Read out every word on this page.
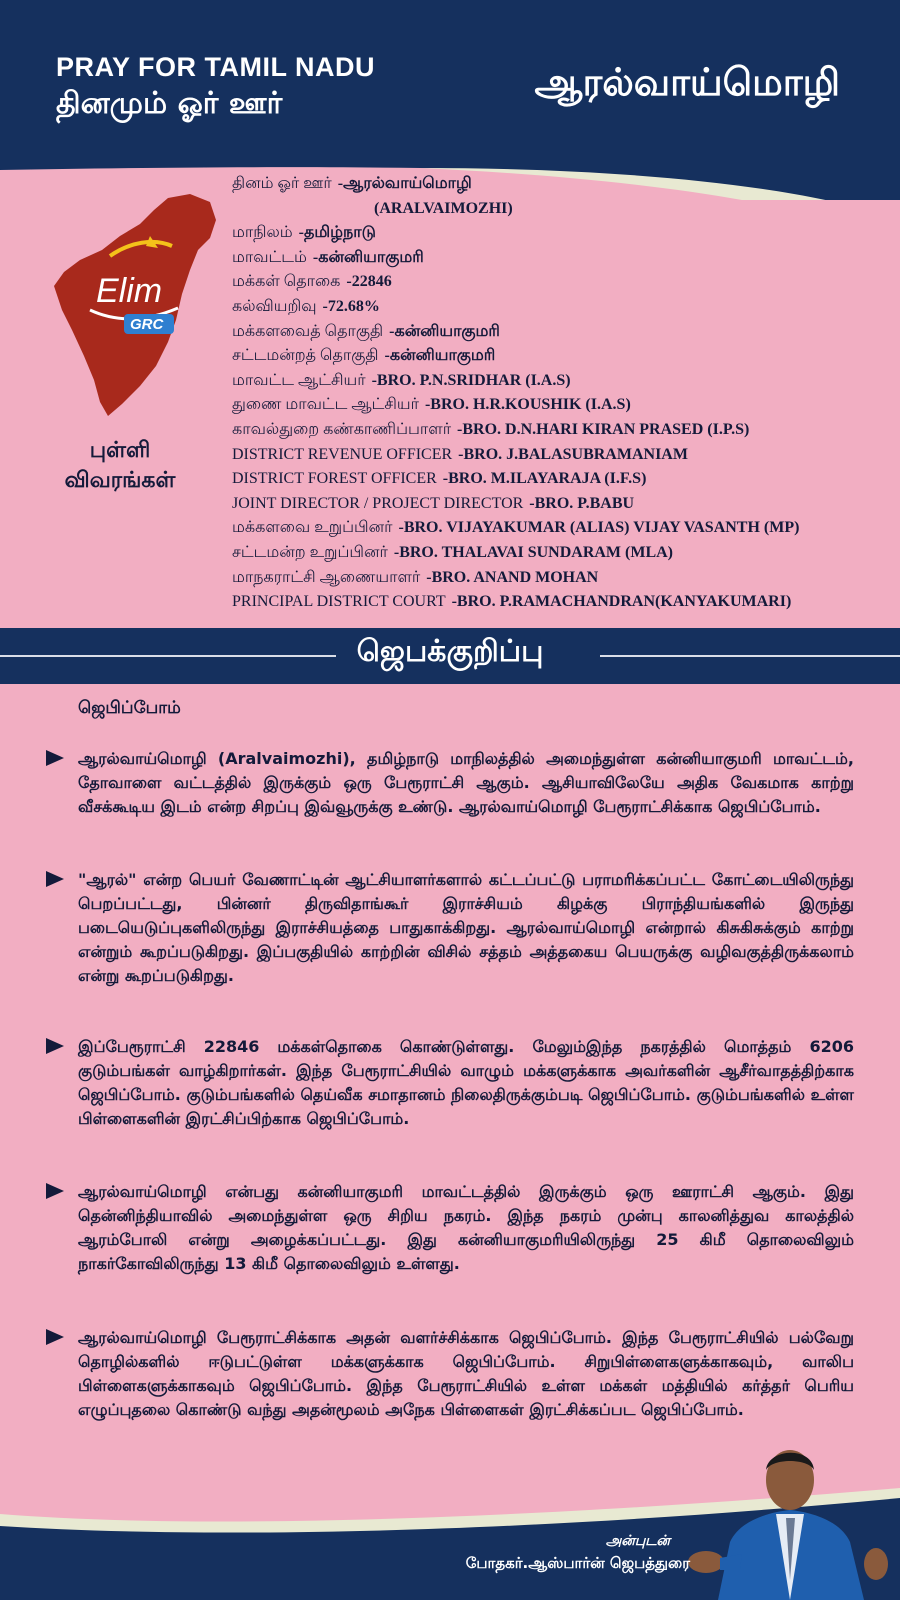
PRAY FOR TAMIL NADU
தினமும் ஓர் ஊர்	ஆரல்வாய்மொழி
Elim
GRC
புள்ளி
விவரங்கள்
தினம் ஓர் ஊர் -ஆரல்வாய்மொழி
(ARALVAIMOZHI)
மாநிலம் -தமிழ்நாடு
மாவட்டம் -கன்னியாகுமரி
மக்கள் தொகை -22846
கல்வியறிவு -72.68%
மக்களவைத் தொகுதி -கன்னியாகுமரி
சட்டமன்றத் தொகுதி -கன்னியாகுமரி
மாவட்ட ஆட்சியர் -BRO. P.N.SRIDHAR (I.A.S)
துணை மாவட்ட ஆட்சியர் -BRO. H.R.KOUSHIK (I.A.S)
காவல்துறை கண்காணிப்பாளர் -BRO. D.N.HARI KIRAN PRASED (I.P.S)
DISTRICT REVENUE OFFICER -BRO. J.BALASUBRAMANIAM
DISTRICT FOREST OFFICER -BRO. M.ILAYARAJA (I.F.S)
JOINT DIRECTOR / PROJECT DIRECTOR -BRO. P.BABU
மக்களவை உறுப்பினர் -BRO. VIJAYAKUMAR (ALIAS) VIJAY VASANTH (MP)
சட்டமன்ற உறுப்பினர் -BRO. THALAVAI SUNDARAM (MLA)
மாநகராட்சி ஆணையாளர் -BRO. ANAND MOHAN
PRINCIPAL DISTRICT COURT -BRO. P.RAMACHANDRAN(KANYAKUMARI)
ஜெபக்குறிப்பு
ஜெபிப்போம்
ஆரல்வாய்மொழி (Aralvaimozhi), தமிழ்நாடு மாநிலத்தில் அமைந்துள்ள கன்னியாகுமரி மாவட்டம், தோவாளை வட்டத்தில் இருக்கும் ஒரு பேரூராட்சி ஆகும். ஆசியாவிலேயே அதிக வேகமாக காற்று வீசக்கூடிய இடம் என்ற சிறப்பு இவ்வூருக்கு உண்டு. ஆரல்வாய்மொழி பேரூராட்சிக்காக ஜெபிப்போம்.
"ஆரல்" என்ற பெயர் வேணாட்டின் ஆட்சியாளர்களால் கட்டப்பட்டு பராமரிக்கப்பட்ட கோட்டையிலிருந்து பெறப்பட்டது, பின்னர் திருவிதாங்கூர் இராச்சியம் கிழக்கு பிராந்தியங்களில் இருந்து படையெடுப்புகளிலிருந்து இராச்சியத்தை பாதுகாக்கிறது. ஆரல்வாய்மொழி என்றால் கிசுகிசுக்கும் காற்று என்றும் கூறப்படுகிறது. இப்பகுதியில் காற்றின் விசில் சத்தம் அத்தகைய பெயருக்கு வழிவகுத்திருக்கலாம் என்று கூறப்படுகிறது.
இப்பேரூராட்சி 22846 மக்கள்தொகை கொண்டுள்ளது. மேலும்இந்த நகரத்தில் மொத்தம் 6206 குடும்பங்கள் வாழ்கிறார்கள். இந்த பேரூராட்சியில் வாழும் மக்களுக்காக அவர்களின் ஆசீர்வாதத்திற்காக ஜெபிப்போம். குடும்பங்களில் தெய்வீக சமாதானம் நிலைதிருக்கும்படி ஜெபிப்போம். குடும்பங்களில் உள்ள பிள்ளைகளின் இரட்சிப்பிற்காக ஜெபிப்போம்.
ஆரல்வாய்மொழி என்பது கன்னியாகுமரி மாவட்டத்தில் இருக்கும் ஒரு ஊராட்சி ஆகும். இது தென்னிந்தியாவில் அமைந்துள்ள ஒரு சிறிய நகரம். இந்த நகரம் முன்பு காலனித்துவ காலத்தில் ஆரம்போலி என்று அழைக்கப்பட்டது. இது கன்னியாகுமரியிலிருந்து 25 கிமீ தொலைவிலும் நாகர்கோவிலிருந்து 13 கிமீ தொலைவிலும் உள்ளது.
ஆரல்வாய்மொழி பேரூராட்சிக்காக அதன் வளர்ச்சிக்காக ஜெபிப்போம். இந்த பேரூராட்சியில் பல்வேறு தொழில்களில் ஈடுபட்டுள்ள மக்களுக்காக ஜெபிப்போம். சிறுபிள்ளைகளுக்காகவும், வாலிப பிள்ளைகளுக்காகவும் ஜெபிப்போம். இந்த பேரூராட்சியில் உள்ள மக்கள் மத்தியில் கர்த்தர் பெரிய எழுப்புதலை கொண்டு வந்து அதன்மூலம் அநேக பிள்ளைகள் இரட்சிக்கப்பட ஜெபிப்போம்.
அன்புடன்
போதகர்.ஆஸ்பார்ன் ஜெபத்துரை
